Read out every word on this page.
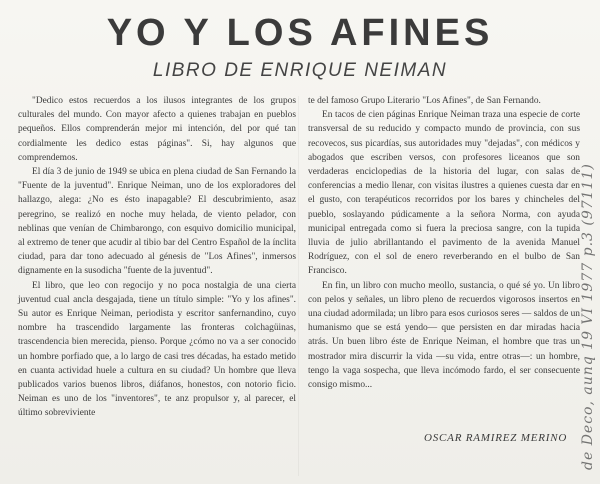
YO Y LOS AFINES
LIBRO DE ENRIQUE NEIMAN

"Dedico estos recuerdos a los ilusos integrantes de los grupos culturales del mundo. Con mayor afecto a quienes trabajan en pueblos pequeños. Ellos comprenderán mejor mi intención, del por qué tan cordialmente les dedico estas páginas". Si, hay algunos que comprendemos.

El día 3 de junio de 1949 se ubica en plena ciudad de San Fernando la "Fuente de la juventud". Enrique Neiman, uno de los exploradores del hallazgo, alega: ¿No es ésto inapagable? El descubrimiento, asaz peregrino, se realizó en noche muy helada, de viento pelador, con neblinas que venían de Chimbarongo, con esquivo domicilio municipal, al extremo de tener que acudir al tibio bar del Centro Español de la ínclita ciudad, para dar tono adecuado al génesis de "Los Afines", inmersos dignamente en la susodicha "fuente de la juventud".

El libro, que leo con regocijo y no poca nostalgia de una cierta juventud cual ancla desgajada, tiene un título simple: "Yo y los afines". Su autor es Enrique Neiman, periodista y escritor sanfernandino, cuyo nombre ha trascendido largamente las fronteras colchagüinas, trascendencia bien merecida, pienso. Porque ¿cómo no va a ser conocido un hombre porfiado que, a lo largo de casi tres décadas, ha estado metido en cuanta actividad huele a cultura en su ciudad? Un hombre que lleva publicados varios buenos libros, diáfanos, honestos, con notorio ficio. Neiman es uno de los "inventores", te anz propulsor y, al parecer, el último sobreviviente

te del famoso Grupo Literario "Los Afines", de San Fernando.

En tacos de cien páginas Enrique Neiman traza una especie de corte transversal de su reducido y compacto mundo de provincia, con sus recovecos, sus picardías, sus autoridades muy "dejadas", con médicos y abogados que escriben versos, con profesores liceanos que son verdaderas enciclopedias de la historia del lugar, con salas de conferencias a medio llenar, con visitas ilustres a quienes cuesta dar en el gusto, con terapéuticos recorridos por los bares y chincheles del pueblo, soslayando púdicamente a la señora Norma, con ayuda municipal entregada como si fuera la preciosa sangre, con la tupida lluvia de julio abrillantando el pavimento de la avenida Manuel Rodríguez, con el sol de enero reverberando en el bulbo de San Francisco.

En fin, un libro con mucho meollo, sustancia, o qué sé yo. Un libro con pelos y señales, un libro pleno de recuerdos vigorosos insertos en una ciudad adormilada; un libro para esos curiosos seres — saldos de un humanismo que se está yendo— que persisten en dar miradas hacia atrás. Un buen libro éste de Enrique Neiman, el hombre que tras un mostrador mira discurrir la vida —su vida, entre otras—: un hombre, tengo la vaga sospecha, que lleva incómodo fardo, el ser consecuente consigo mismo...

OSCAR RAMIREZ MERINO de Deco, aunq 19 VI 1977 p.3 (97111)
